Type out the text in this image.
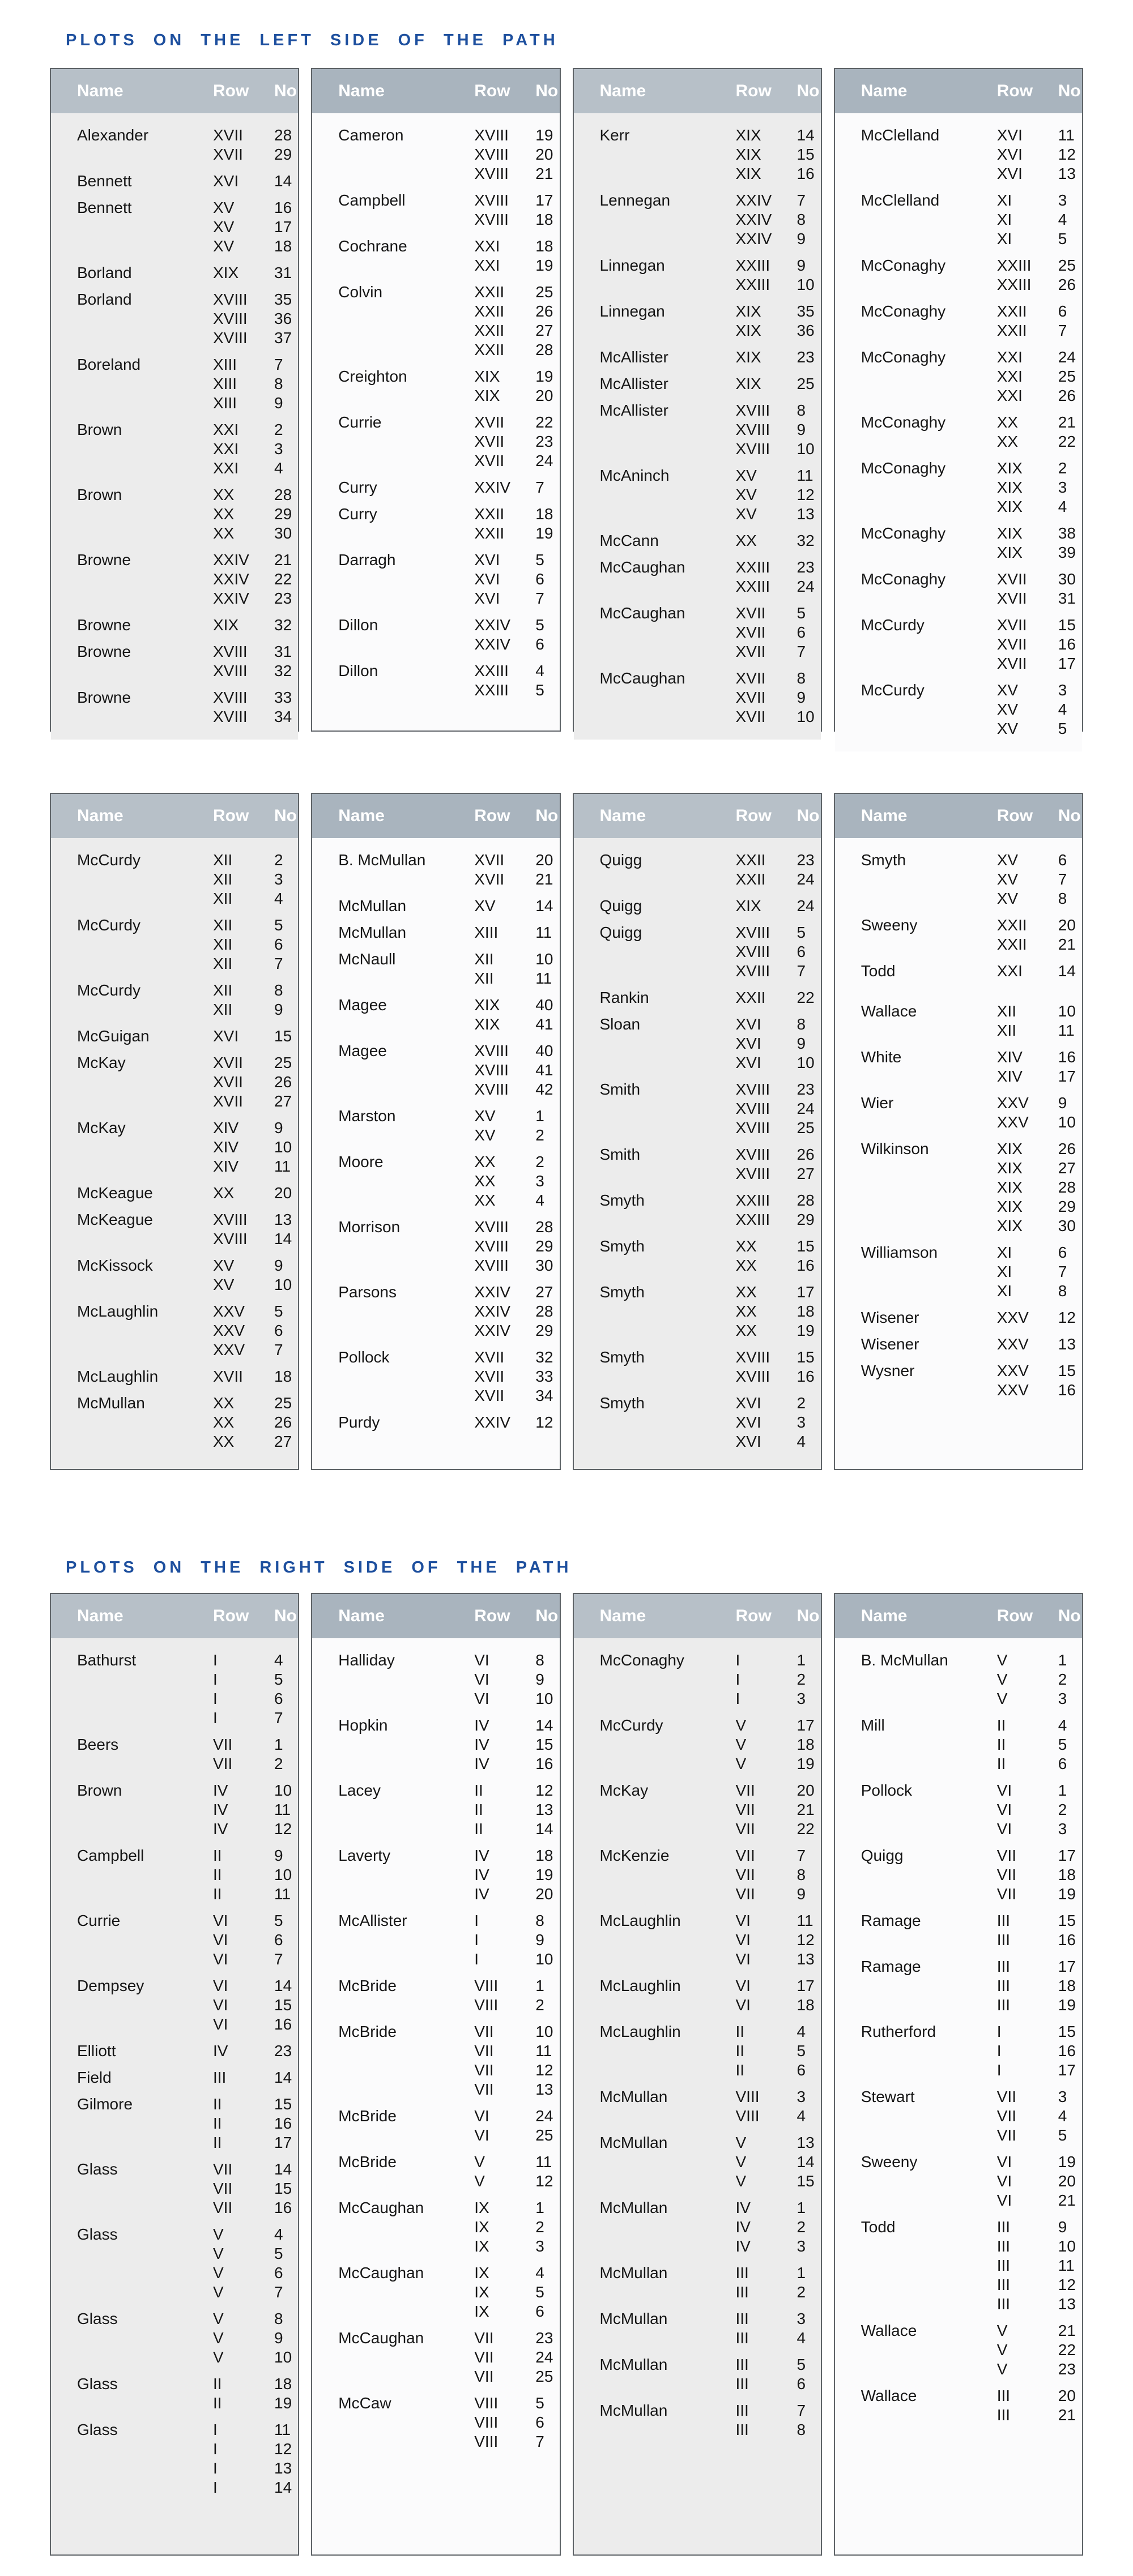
PLOTS ON THE LEFT SIDE OF THE PATH
Name	Row	No
Alexander	XVII	28
XVII	29
Bennett	XVI	14
Bennett	XV	16
XV	17
XV	18
Borland	XIX	31
Borland	XVIII	35
XVIII	36
XVIII	37
Boreland	XIII	7
XIII	8
XIII	9
Brown	XXI	2
XXI	3
XXI	4
Brown	XX	28
XX	29
XX	30
Browne	XXIV	21
XXIV	22
XXIV	23
Browne	XIX	32
Browne	XVIII	31
XVIII	32
Browne	XVIII	33
XVIII	34
Name	Row	No
Cameron	XVIII	19
XVIII	20
XVIII	21
Campbell	XVIII	17
XVIII	18
Cochrane	XXI	18
XXI	19
Colvin	XXII	25
XXII	26
XXII	27
XXII	28
Creighton	XIX	19
XIX	20
Currie	XVII	22
XVII	23
XVII	24
Curry	XXIV	7
Curry	XXII	18
XXII	19
Darragh	XVI	5
XVI	6
XVI	7
Dillon	XXIV	5
XXIV	6
Dillon	XXIII	4
XXIII	5
Name	Row	No
Kerr	XIX	14
XIX	15
XIX	16
Lennegan	XXIV	7
XXIV	8
XXIV	9
Linnegan	XXIII	9
XXIII	10
Linnegan	XIX	35
XIX	36
McAllister	XIX	23
McAllister	XIX	25
McAllister	XVIII	8
XVIII	9
XVIII	10
McAninch	XV	11
XV	12
XV	13
McCann	XX	32
McCaughan	XXIII	23
XXIII	24
McCaughan	XVII	5
XVII	6
XVII	7
McCaughan	XVII	8
XVII	9
XVII	10
Name	Row	No
McClelland	XVI	11
XVI	12
XVI	13
McClelland	XI	3
XI	4
XI	5
McConaghy	XXIII	25
XXIII	26
McConaghy	XXII	6
XXII	7
McConaghy	XXI	24
XXI	25
XXI	26
McConaghy	XX	21
XX	22
McConaghy	XIX	2
XIX	3
XIX	4
McConaghy	XIX	38
XIX	39
McConaghy	XVII	30
XVII	31
McCurdy	XVII	15
XVII	16
XVII	17
McCurdy	XV	3
XV	4
XV	5
Name	Row	No
McCurdy	XII	2
XII	3
XII	4
McCurdy	XII	5
XII	6
XII	7
McCurdy	XII	8
XII	9
McGuigan	XVI	15
McKay	XVII	25
XVII	26
XVII	27
McKay	XIV	9
XIV	10
XIV	11
McKeague	XX	20
McKeague	XVIII	13
XVIII	14
McKissock	XV	9
XV	10
McLaughlin	XXV	5
XXV	6
XXV	7
McLaughlin	XVII	18
McMullan	XX	25
XX	26
XX	27
Name	Row	No
B. McMullan	XVII	20
XVII	21
McMullan	XV	14
McMullan	XIII	11
McNaull	XII	10
XII	11
Magee	XIX	40
XIX	41
Magee	XVIII	40
XVIII	41
XVIII	42
Marston	XV	1
XV	2
Moore	XX	2
XX	3
XX	4
Morrison	XVIII	28
XVIII	29
XVIII	30
Parsons	XXIV	27
XXIV	28
XXIV	29
Pollock	XVII	32
XVII	33
XVII	34
Purdy	XXIV	12
Name	Row	No
Quigg	XXII	23
XXII	24
Quigg	XIX	24
Quigg	XVIII	5
XVIII	6
XVIII	7
Rankin	XXII	22
Sloan	XVI	8
XVI	9
XVI	10
Smith	XVIII	23
XVIII	24
XVIII	25
Smith	XVIII	26
XVIII	27
Smyth	XXIII	28
XXIII	29
Smyth	XX	15
XX	16
Smyth	XX	17
XX	18
XX	19
Smyth	XVIII	15
XVIII	16
Smyth	XVI	2
XVI	3
XVI	4
Name	Row	No
Smyth	XV	6
XV	7
XV	8
Sweeny	XXII	20
XXII	21
Todd	XXI	14
Wallace	XII	10
XII	11
White	XIV	16
XIV	17
Wier	XXV	9
XXV	10
Wilkinson	XIX	26
XIX	27
XIX	28
XIX	29
XIX	30
Williamson	XI	6
XI	7
XI	8
Wisener	XXV	12
Wisener	XXV	13
Wysner	XXV	15
XXV	16
PLOTS ON THE RIGHT SIDE OF THE PATH
Name	Row	No
Bathurst	I	4
I	5
I	6
I	7
Beers	VII	1
VII	2
Brown	IV	10
IV	11
IV	12
Campbell	II	9
II	10
II	11
Currie	VI	5
VI	6
VI	7
Dempsey	VI	14
VI	15
VI	16
Elliott	IV	23
Field	III	14
Gilmore	II	15
II	16
II	17
Glass	VII	14
VII	15
VII	16
Glass	V	4
V	5
V	6
V	7
Glass	V	8
V	9
V	10
Glass	II	18
II	19
Glass	I	11
I	12
I	13
I	14
Name	Row	No
Halliday	VI	8
VI	9
VI	10
Hopkin	IV	14
IV	15
IV	16
Lacey	II	12
II	13
II	14
Laverty	IV	18
IV	19
IV	20
McAllister	I	8
I	9
I	10
McBride	VIII	1
VIII	2
McBride	VII	10
VII	11
VII	12
VII	13
McBride	VI	24
VI	25
McBride	V	11
V	12
McCaughan	IX	1
IX	2
IX	3
McCaughan	IX	4
IX	5
IX	6
McCaughan	VII	23
VII	24
VII	25
McCaw	VIII	5
VIII	6
VIII	7
Name	Row	No
McConaghy	I	1
I	2
I	3
McCurdy	V	17
V	18
V	19
McKay	VII	20
VII	21
VII	22
McKenzie	VII	7
VII	8
VII	9
McLaughlin	VI	11
VI	12
VI	13
McLaughlin	VI	17
VI	18
McLaughlin	II	4
II	5
II	6
McMullan	VIII	3
VIII	4
McMullan	V	13
V	14
V	15
McMullan	IV	1
IV	2
IV	3
McMullan	III	1
III	2
McMullan	III	3
III	4
McMullan	III	5
III	6
McMullan	III	7
III	8
Name	Row	No
B. McMullan	V	1
V	2
V	3
Mill	II	4
II	5
II	6
Pollock	VI	1
VI	2
VI	3
Quigg	VII	17
VII	18
VII	19
Ramage	III	15
III	16
Ramage	III	17
III	18
III	19
Rutherford	I	15
I	16
I	17
Stewart	VII	3
VII	4
VII	5
Sweeny	VI	19
VI	20
VI	21
Todd	III	9
III	10
III	11
III	12
III	13
Wallace	V	21
V	22
V	23
Wallace	III	20
III	21
